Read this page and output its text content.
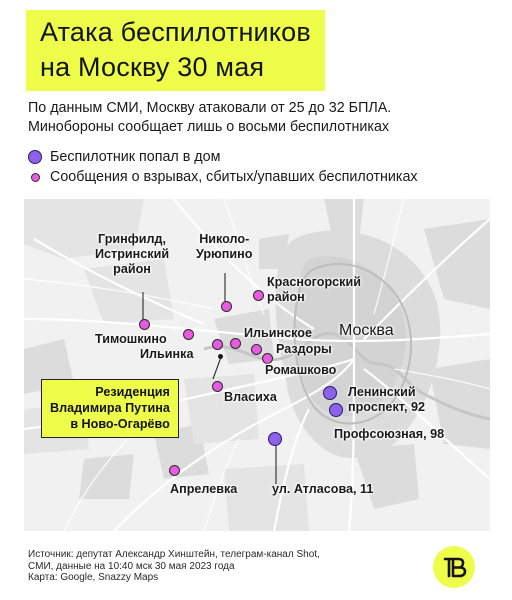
Атака беспилотников
на Москву 30 мая
По данным СМИ, Москву атаковали от 25 до 32 БПЛА.
Минобороны сообщает лишь о восьми беспилотниках
Беспилотник попал в дом
Сообщения о взрывах, сбитых/упавших беспилотниках
Москва
Гринфилд,
Истринский
район
Николо-
Урюпино
Красногорский
район
Тимошкино
Ильинка
Ильинское
Раздоры
Ромашково
Власиха
Апрелевка
Ленинский
проспект, 92
Профсоюзная, 98
ул. Атласова, 11
Резиденция
Владимира Путина
в Ново-Огарёво
Источник: депутат Александр Хинштейн, телеграм-канал Shot,
СМИ, данные на 10:40 мск 30 мая 2023 года
Карта: Google, Snazzy Maps
